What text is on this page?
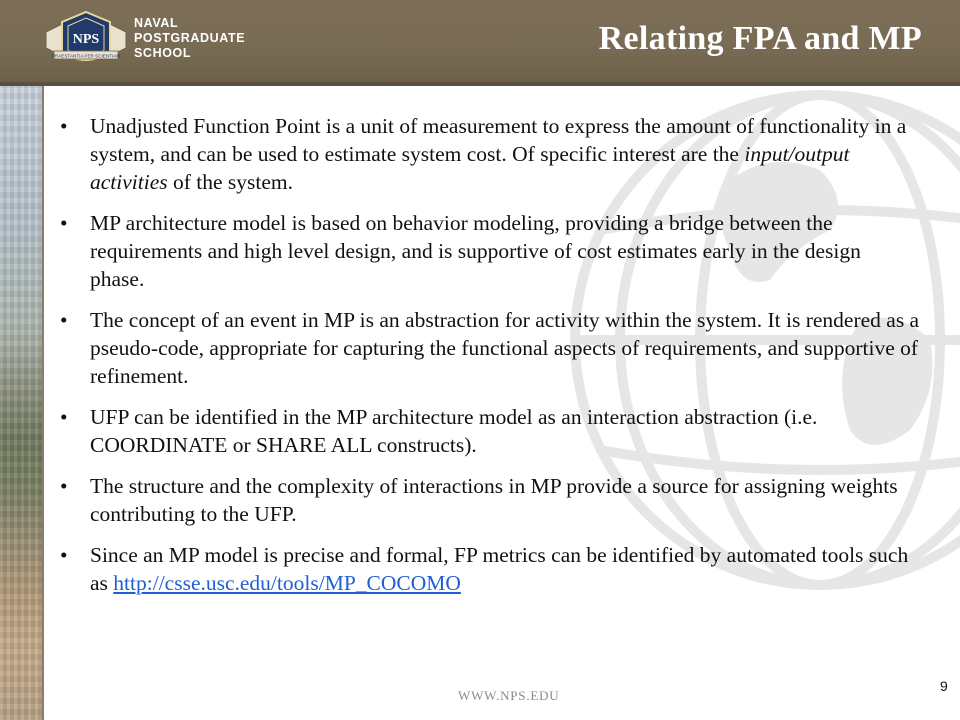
NPS
PRAESTANTIA PER SCIENTIAM
NAVAL
POSTGRADUATE
SCHOOL	Relating FPA and MP
• Unadjusted Function Point is a unit of measurement to express the amount of functionality in a system, and can be used to estimate system cost. Of specific interest are the input/output activities of the system.
• MP architecture model is based on behavior modeling, providing a bridge between the requirements and high level design, and is supportive of cost estimates early in the design phase.
• The concept of an event in MP is an abstraction for activity within the system. It is rendered as a pseudo-code, appropriate for capturing the functional aspects of requirements, and supportive of refinement.
• UFP can be identified in the MP architecture model as an interaction abstraction (i.e. COORDINATE or SHARE ALL constructs).
• The structure and the complexity of interactions in MP provide a source for assigning weights contributing to the UFP.
• Since an MP model is precise and formal, FP metrics can be identified by automated tools such as http://csse.usc.edu/tools/MP_COCOMO
WWW.NPS.EDU
9
